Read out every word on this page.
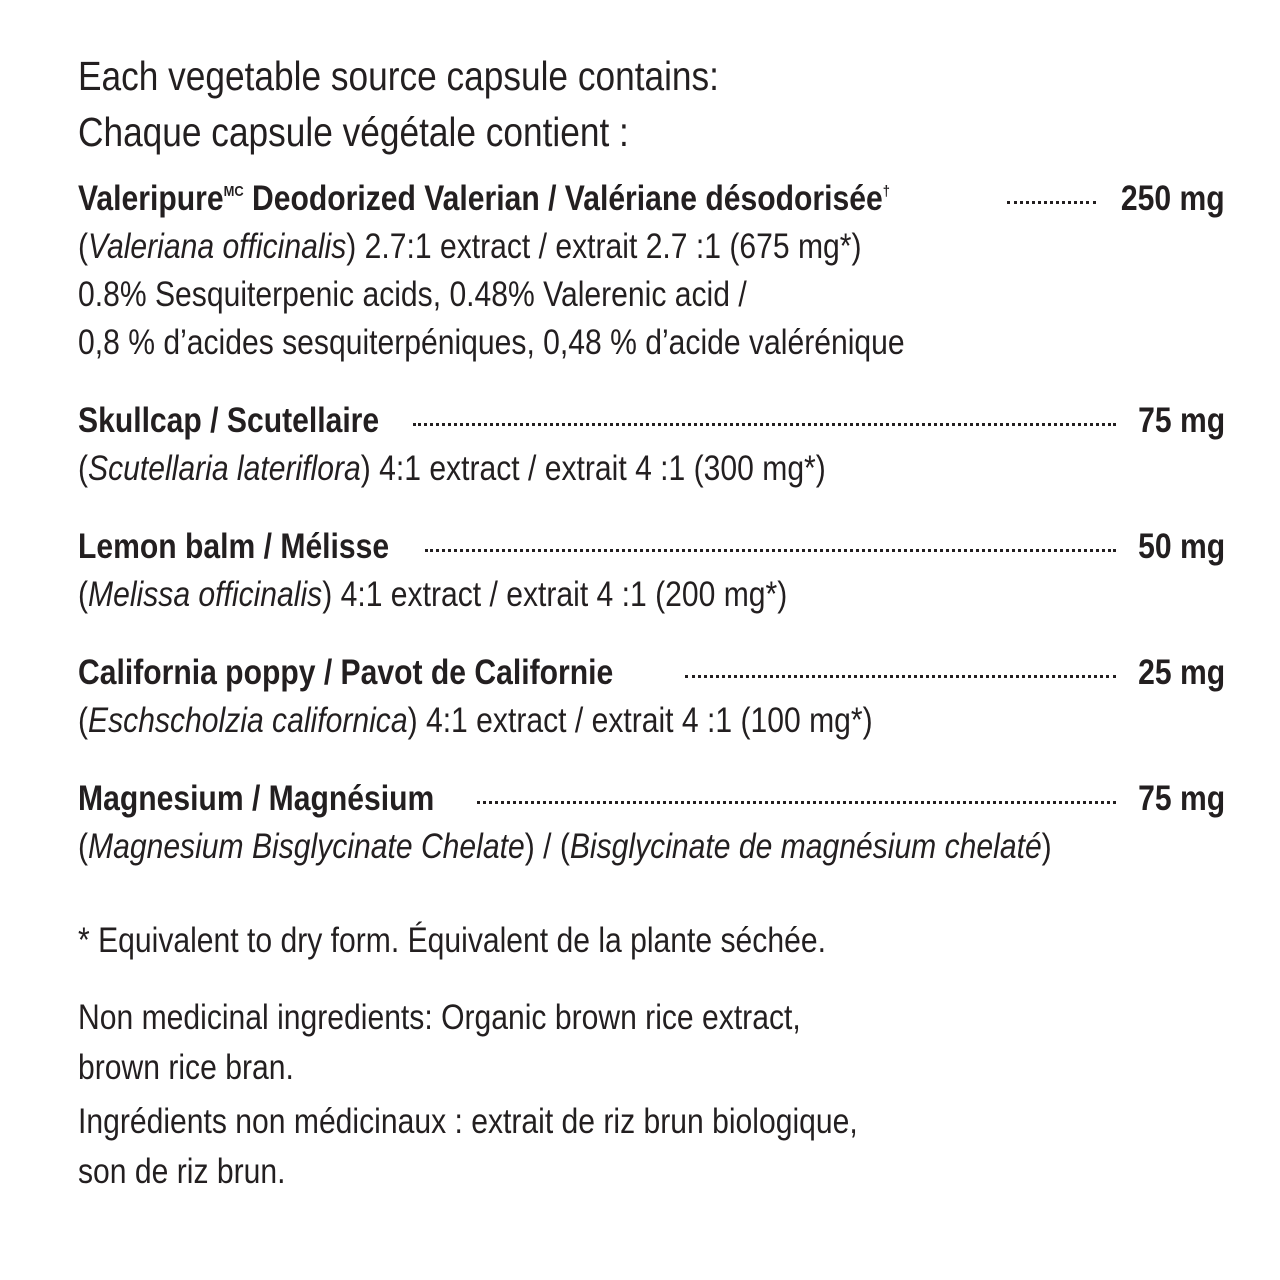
Each vegetable source capsule contains:
Chaque capsule végétale contient :
Valeripure$^{MC}$ Deodorized Valerian / Valériane désodorisée†	250 mg
(Valeriana officinalis) 2.7:1 extract / extrait 2.7 :1 (675 mg*)
0.8% Sesquiterpenic acids, 0.48% Valerenic acid /
0,8 % d’acides sesquiterpéniques, 0,48 % d’acide valérénique
Skullcap / Scutellaire	75 mg
(Scutellaria lateriflora) 4:1 extract / extrait 4 :1 (300 mg*)
Lemon balm / Mélisse	50 mg
(Melissa officinalis) 4:1 extract / extrait 4 :1 (200 mg*)
California poppy / Pavot de Californie	25 mg
(Eschscholzia californica) 4:1 extract / extrait 4 :1 (100 mg*)
Magnesium / Magnésium	75 mg
(Magnesium Bisglycinate Chelate) / (Bisglycinate de magnésium chelaté)
* Equivalent to dry form. Équivalent de la plante séchée.
Non medicinal ingredients: Organic brown rice extract,
brown rice bran.
Ingrédients non médicinaux : extrait de riz brun biologique,
son de riz brun.
